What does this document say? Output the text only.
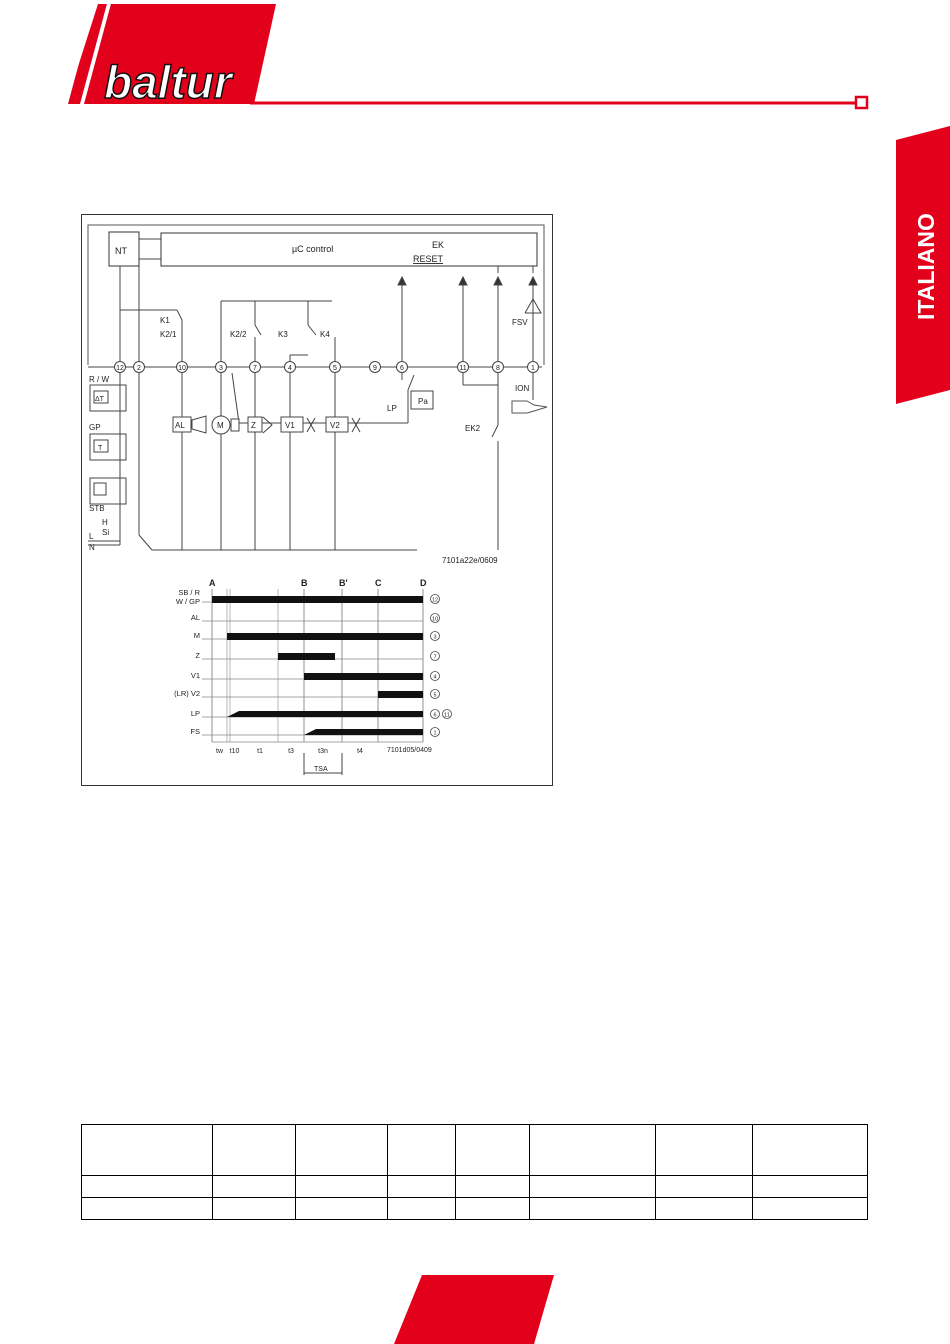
baltur
ITALIANO
NT	µC control	EK
RESET
12 2	10	3	7	4	5	9	6	11	8	1
K1
K2/1	K2/2	K3	K4
FSV
LP
Pa
ION
EK2
R / W
ΔT
GP
T
STB
H
Si
L
N
AL	M	Z	V1	V2
7101a22e/0609
A	B	B'	C	D
SB / R
W / GP	12
AL	10
M	3
Z	7
V1	4
(LR) V2	5
LP	6 11
FS	1
tw t10	t1	t3	t3n	t4
TSA
7101d05/0409
